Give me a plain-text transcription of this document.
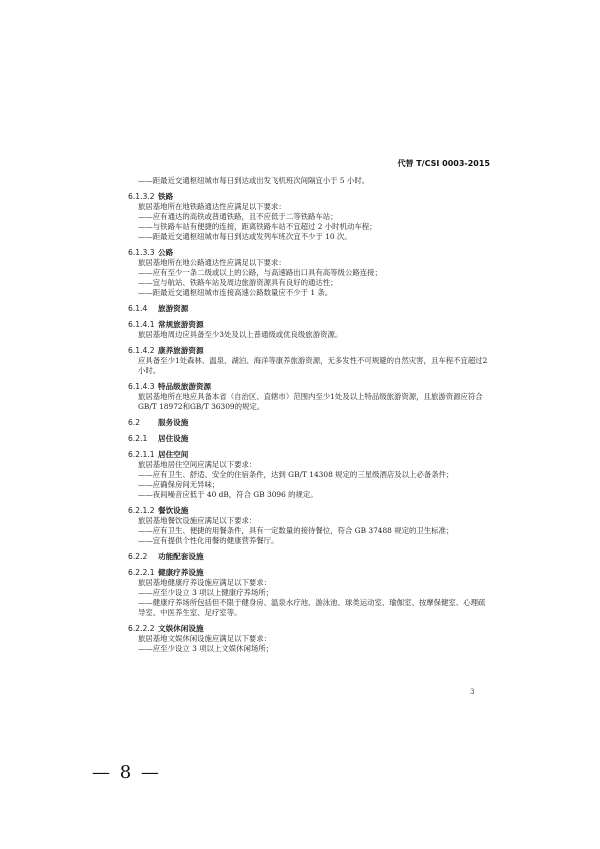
代替 T/CSI 0003-2015
——距最近交通枢纽城市每日到达或出发飞机班次间隔宜小于 5 小时。
6.1.3.2 铁路
旅居基地所在地铁路通达性应满足以下要求：
——应有通达的高铁或普通铁路，且不应低于二等铁路车站；
——与铁路车站有便捷的连接，距离铁路车站不宜超过 2 小时机动车程；
——距最近交通枢纽城市每日到达或发列车班次宜不少于 10 次。
6.1.3.3 公路
旅居基地所在地公路通达性应满足以下要求：
——应有至少一条二级或以上的公路，与高速路出口具有高等级公路连接；
——宜与航站、铁路车站及周边旅游资源具有良好的通达性；
——距最近交通枢纽城市连接高速公路数量应不少于 1 条。
6.1.4 旅游资源
6.1.4.1 常规旅游资源
旅居基地周边应具备至少3处及以上普通级或优良级旅游资源。
6.1.4.2 康养旅游资源
应具备至少1处森林、温泉、湖泊、海洋等康养旅游资源，无多发性不可规避的自然灾害，且车程不宜超过2小时。
6.1.4.3 特品级旅游资源
旅居基地所在地应具备本省（自治区、直辖市）范围内至少1处及以上特品级旅游资源，且旅游资源应符合GB/T 18972和GB/T 36309的规定。
6.2 服务设施
6.2.1 居住设施
6.2.1.1 居住空间
旅居基地居住空间应满足以下要求：
——应有卫生、舒适、安全的住宿条件，达到 GB/T 14308 规定的三星级酒店及以上必备条件；
——应确保房间无异味；
——夜间噪音应低于 40 dB，符合 GB 3096 的规定。
6.2.1.2 餐饮设施
旅居基地餐饮设施应满足以下要求：
——应有卫生、便捷的用餐条件，具有一定数量的接待餐位，符合 GB 37488 规定的卫生标准；
——宜有提供个性化用餐的健康营养餐厅。
6.2.2 功能配套设施
6.2.2.1 健康疗养设施
旅居基地健康疗养设施应满足以下要求：
——应至少设立 3 项以上健康疗养场所；
——健康疗养场所包括但不限于健身房、温泉水疗池、游泳池、球类运动室、瑜伽室、按摩保健室、心理疏导室、中医养生室、足疗室等。
6.2.2.2 文娱休闲设施
旅居基地文娱休闲设施应满足以下要求：
——应至少设立 3 项以上文娱休闲场所；
3
— 8 —
